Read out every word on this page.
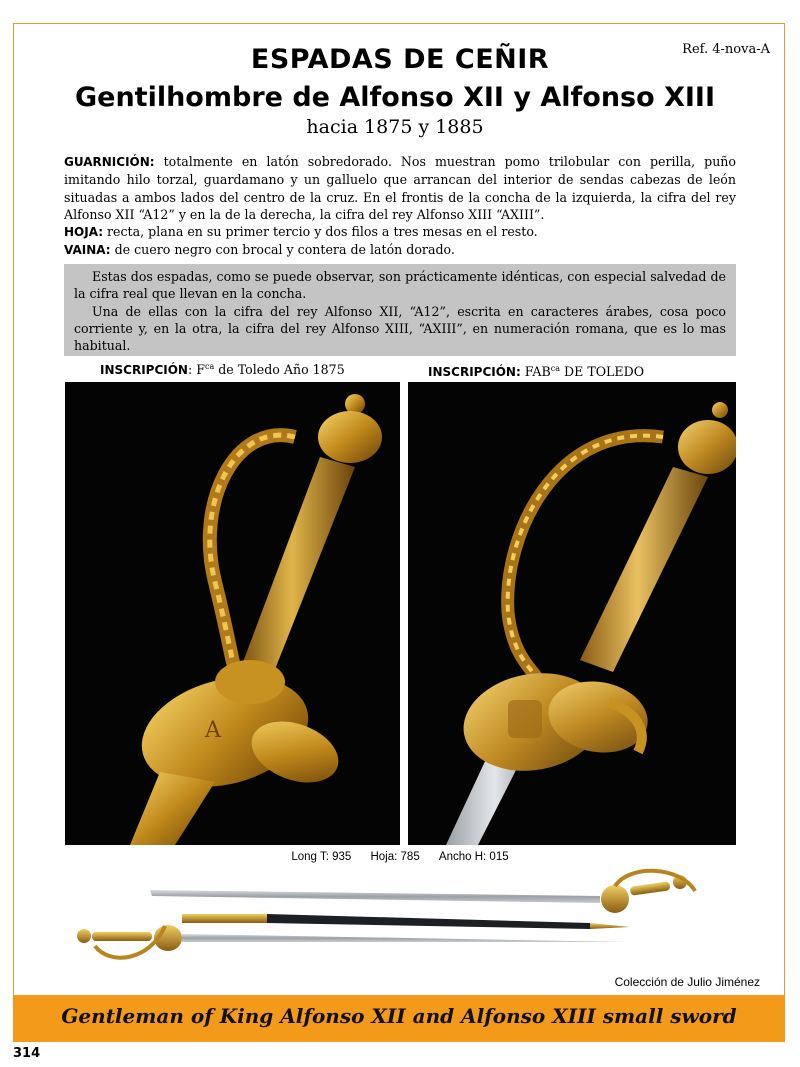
Ref. 4-nova-A
ESPADAS DE CEÑIR
Gentilhombre de Alfonso XII y Alfonso XIII
hacia 1875 y 1885

GUARNICIÓN: totalmente en latón sobredorado. Nos muestran pomo trilobular con perilla, puño imitando hilo torzal, guardamano y un galluelo que arrancan del interior de sendas cabezas de león situadas a ambos lados del centro de la cruz. En el frontis de la concha de la izquierda, la cifra del rey Alfonso XII “A12” y en la de la derecha, la cifra del rey Alfonso XIII “AXIII”.

HOJA: recta, plana en su primer tercio y dos filos a tres mesas en el resto.

VAINA: de cuero negro con brocal y contera de latón dorado.

Estas dos espadas, como se puede observar, son prácticamente idénticas, con especial salvedad de la cifra real que llevan en la concha.

Una de ellas con la cifra del rey Alfonso XII, “A12”, escrita en caracteres árabes, cosa poco corriente y, en la otra, la cifra del rey Alfonso XIII, “AXIII”, en numeración romana, que es lo mas habitual.

INSCRIPCIÓN: $F^{ca}$ de Toledo Año 1875	INSCRIPCIÓN: $FAB^{ca}$ DE TOLEDO
A
Long T: 935 Hoja: 785 Ancho H: 015
Colección de Julio Jiménez
Gentleman of King Alfonso XII and Alfonso XIII small sword
314
